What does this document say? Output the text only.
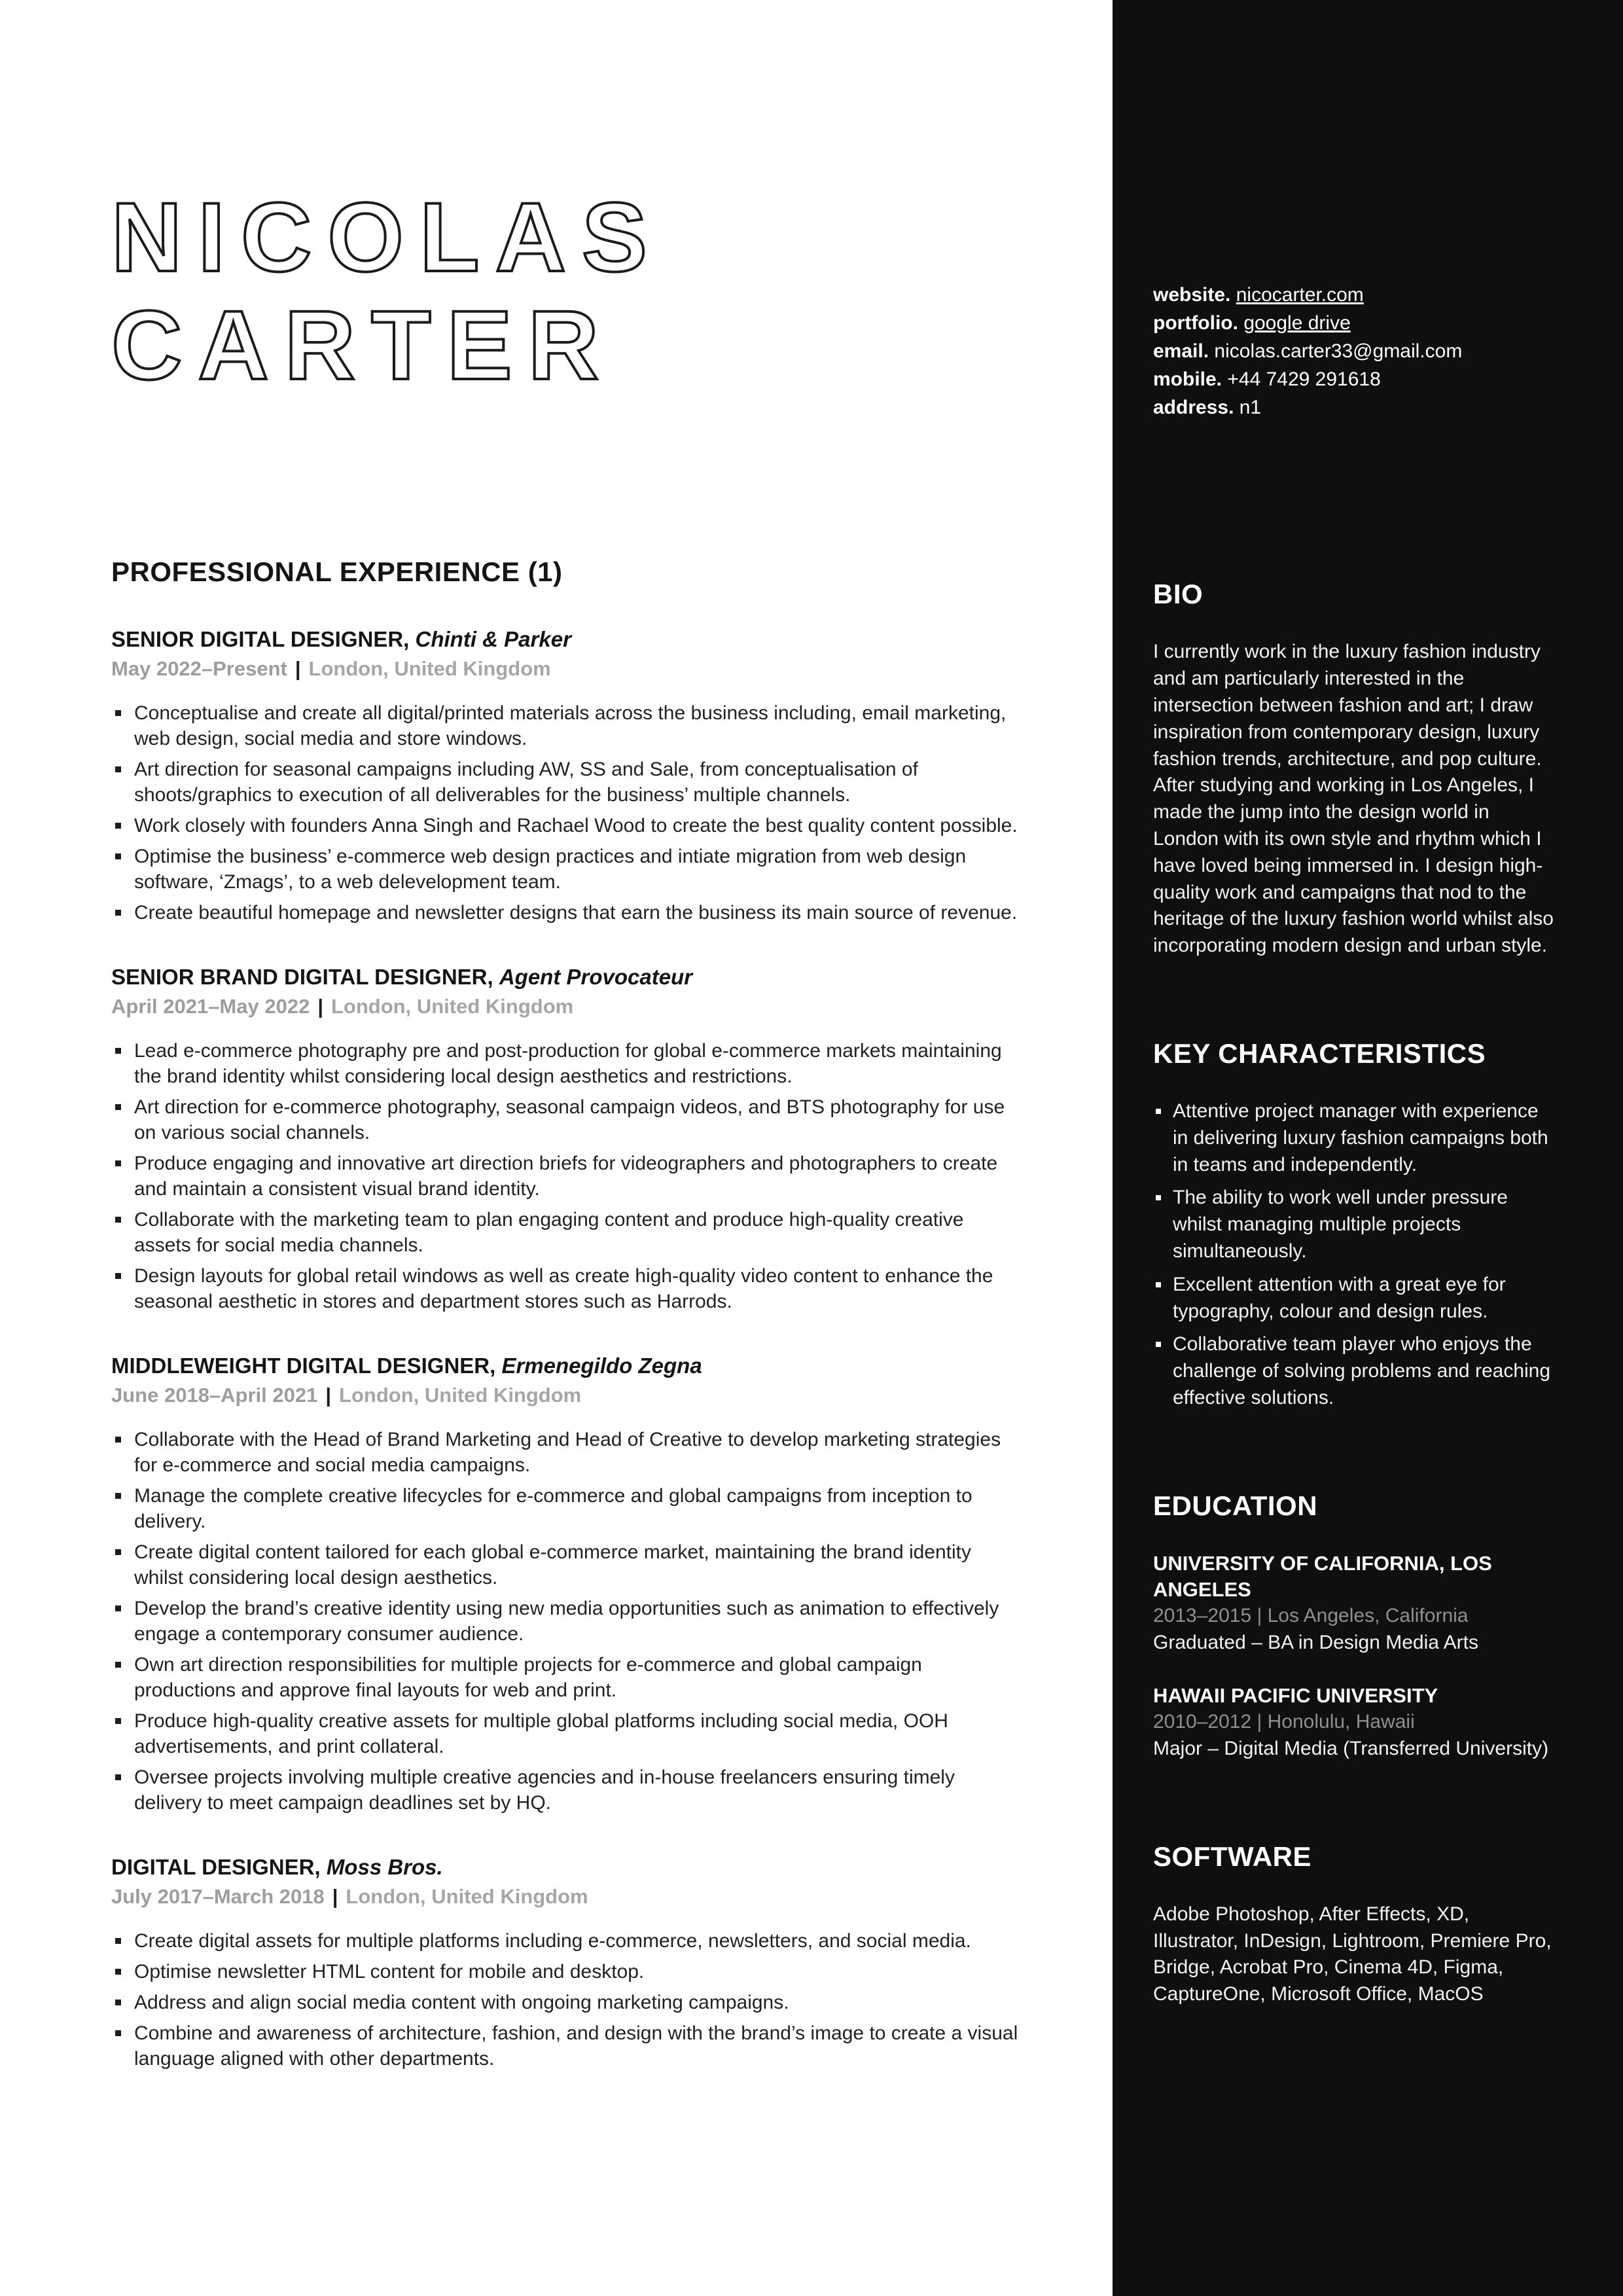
NICOLAS
CARTER
PROFESSIONAL EXPERIENCE (1)
SENIOR DIGITAL DESIGNER, Chinti & Parker

May 2022–Present | London, United Kingdom

Conceptualise and create all digital/printed materials across the business including, email marketing, web design, social media and store windows.
Art direction for seasonal campaigns including AW, SS and Sale, from conceptualisation of shoots/graphics to execution of all deliverables for the business’ multiple channels.
Work closely with founders Anna Singh and Rachael Wood to create the best quality content possible.
Optimise the business’ e-commerce web design practices and intiate migration from web design software, ‘Zmags’, to a web delevelopment team.
Create beautiful homepage and newsletter designs that earn the business its main source of revenue.
SENIOR BRAND DIGITAL DESIGNER, Agent Provocateur

April 2021–May 2022 | London, United Kingdom

Lead e-commerce photography pre and post-production for global e-commerce markets maintaining the brand identity whilst considering local design aesthetics and restrictions.
Art direction for e-commerce photography, seasonal campaign videos, and BTS photography for use on various social channels.
Produce engaging and innovative art direction briefs for videographers and photographers to create and maintain a consistent visual brand identity.
Collaborate with the marketing team to plan engaging content and produce high-quality creative assets for social media channels.
Design layouts for global retail windows as well as create high-quality video content to enhance the seasonal aesthetic in stores and department stores such as Harrods.
MIDDLEWEIGHT DIGITAL DESIGNER, Ermenegildo Zegna

June 2018–April 2021 | London, United Kingdom

Collaborate with the Head of Brand Marketing and Head of Creative to develop marketing strategies for e-commerce and social media campaigns.
Manage the complete creative lifecycles for e-commerce and global campaigns from inception to delivery.
Create digital content tailored for each global e-commerce market, maintaining the brand identity whilst considering local design aesthetics.
Develop the brand’s creative identity using new media opportunities such as animation to effectively engage a contemporary consumer audience.
Own art direction responsibilities for multiple projects for e-commerce and global campaign productions and approve final layouts for web and print.
Produce high-quality creative assets for multiple global platforms including social media, OOH advertisements, and print collateral.
Oversee projects involving multiple creative agencies and in-house freelancers ensuring timely delivery to meet campaign deadlines set by HQ.
DIGITAL DESIGNER, Moss Bros.

July 2017–March 2018 | London, United Kingdom

Create digital assets for multiple platforms including e-commerce, newsletters, and social media.
Optimise newsletter HTML content for mobile and desktop.
Address and align social media content with ongoing marketing campaigns.
Combine and awareness of architecture, fashion, and design with the brand’s image to create a visual language aligned with other departments.

website. nicocarter.com

portfolio. google drive

email. nicolas.carter33@gmail.com

mobile. +44 7429 291618

address. n1

BIO

I currently work in the luxury fashion industry and am particularly interested in the intersection between fashion and art; I draw inspiration from contemporary design, luxury fashion trends, architecture, and pop culture. After studying and working in Los Angeles, I made the jump into the design world in London with its own style and rhythm which I have loved being immersed in. I design high-quality work and campaigns that nod to the heritage of the luxury fashion world whilst also incorporating modern design and urban style.

KEY CHARACTERISTICS
Attentive project manager with experience in delivering luxury fashion campaigns both in teams and independently.
The ability to work well under pressure whilst managing multiple projects simultaneously.
Excellent attention with a great eye for typography, colour and design rules.
Collaborative team player who enjoys the challenge of solving problems and reaching effective solutions.
EDUCATION

UNIVERSITY OF CALIFORNIA, LOS ANGELES

2013–2015 | Los Angeles, California

Graduated – BA in Design Media Arts

HAWAII PACIFIC UNIVERSITY

2010–2012 | Honolulu, Hawaii

Major – Digital Media (Transferred University)

SOFTWARE

Adobe Photoshop, After Effects, XD, Illustrator, InDesign, Lightroom, Premiere Pro, Bridge, Acrobat Pro, Cinema 4D, Figma, CaptureOne, Microsoft Office, MacOS
